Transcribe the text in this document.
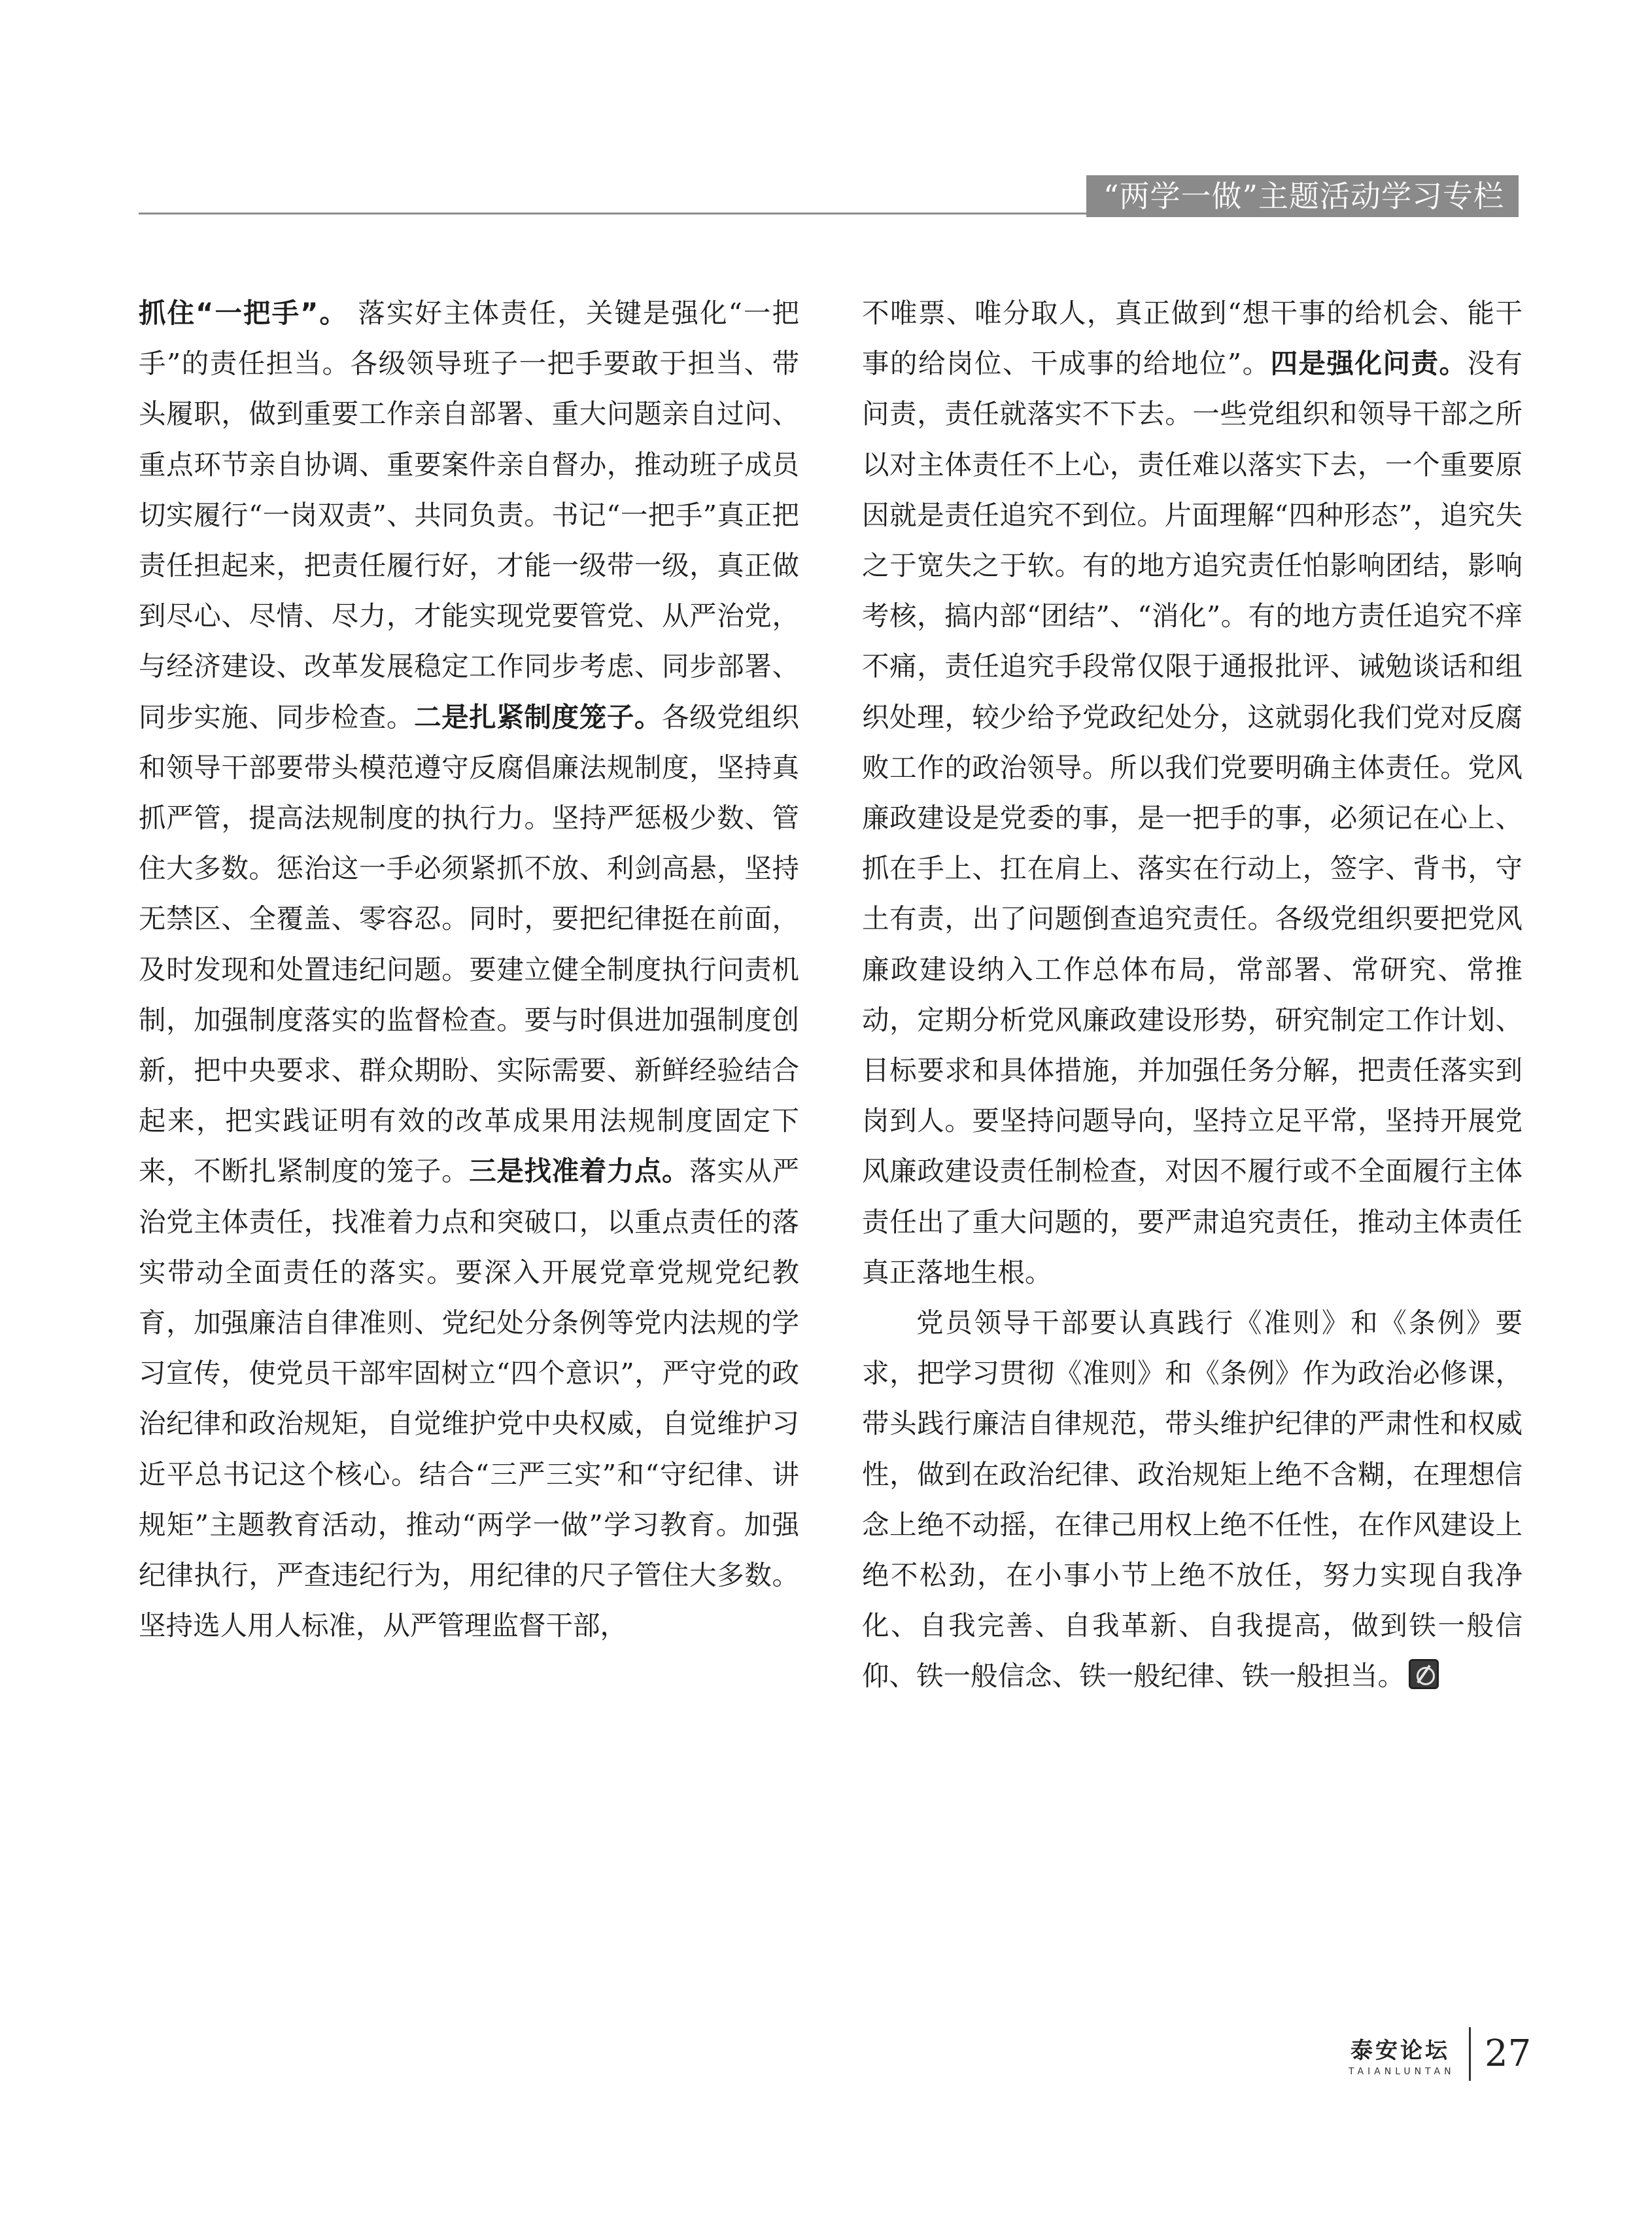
“两学一做”主题活动学习专栏

抓住“一把手”。 落实好主体责任，关键是强化“一把手”的责任担当。各级领导班子一把手要敢于担当、带头履职，做到重要工作亲自部署、重大问题亲自过问、重点环节亲自协调、重要案件亲自督办，推动班子成员切实履行“一岗双责”、共同负责。书记“一把手”真正把责任担起来，把责任履行好，才能一级带一级，真正做到尽心、尽情、尽力，才能实现党要管党、从严治党，与经济建设、改革发展稳定工作同步考虑、同步部署、同步实施、同步检查。二是扎紧制度笼子。各级党组织和领导干部要带头模范遵守反腐倡廉法规制度，坚持真抓严管，提高法规制度的执行力。坚持严惩极少数、管住大多数。惩治这一手必须紧抓不放、利剑高悬，坚持无禁区、全覆盖、零容忍。同时，要把纪律挺在前面，及时发现和处置违纪问题。要建立健全制度执行问责机制，加强制度落实的监督检查。要与时俱进加强制度创新，把中央要求、群众期盼、实际需要、新鲜经验结合起来，把实践证明有效的改革成果用法规制度固定下来，不断扎紧制度的笼子。三是找准着力点。落实从严治党主体责任，找准着力点和突破口，以重点责任的落实带动全面责任的落实。要深入开展党章党规党纪教育，加强廉洁自律准则、党纪处分条例等党内法规的学习宣传，使党员干部牢固树立“四个意识”，严守党的政治纪律和政治规矩，自觉维护党中央权威，自觉维护习近平总书记这个核心。结合“三严三实”和“守纪律、讲规矩”主题教育活动，推动“两学一做”学习教育。加强纪律执行，严查违纪行为，用纪律的尺子管住大多数。坚持选人用人标准，从严管理监督干部，

不唯票、唯分取人，真正做到“想干事的给机会、能干事的给岗位、干成事的给地位”。四是强化问责。没有问责，责任就落实不下去。一些党组织和领导干部之所以对主体责任不上心，责任难以落实下去，一个重要原因就是责任追究不到位。片面理解“四种形态”，追究失之于宽失之于软。有的地方追究责任怕影响团结，影响考核，搞内部“团结”、“消化”。有的地方责任追究不痒不痛，责任追究手段常仅限于通报批评、诫勉谈话和组织处理，较少给予党政纪处分，这就弱化我们党对反腐败工作的政治领导。所以我们党要明确主体责任。党风廉政建设是党委的事，是一把手的事，必须记在心上、抓在手上、扛在肩上、落实在行动上，签字、背书，守土有责，出了问题倒查追究责任。各级党组织要把党风廉政建设纳入工作总体布局，常部署、常研究、常推动，定期分析党风廉政建设形势，研究制定工作计划、目标要求和具体措施，并加强任务分解，把责任落实到岗到人。要坚持问题导向，坚持立足平常，坚持开展党风廉政建设责任制检查，对因不履行或不全面履行主体责任出了重大问题的，要严肃追究责任，推动主体责任真正落地生根。

党员领导干部要认真践行《准则》和《条例》要求，把学习贯彻《准则》和《条例》作为政治必修课，带头践行廉洁自律规范，带头维护纪律的严肃性和权威性，做到在政治纪律、政治规矩上绝不含糊，在理想信念上绝不动摇，在律己用权上绝不任性，在作风建设上绝不松劲，在小事小节上绝不放任，努力实现自我净化、自我完善、自我革新、自我提高，做到铁一般信仰、铁一般信念、铁一般纪律、铁一般担当。

泰安论坛
TAIANLUNTAN 27
